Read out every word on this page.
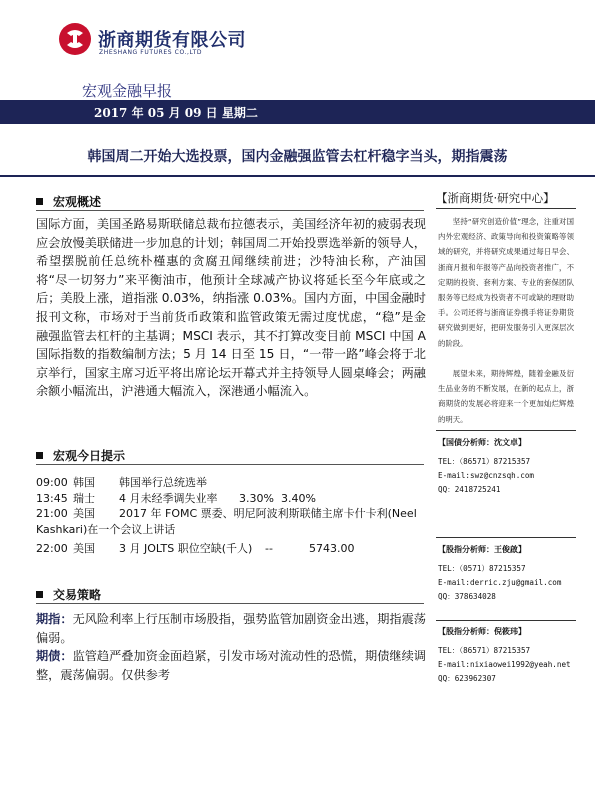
浙商期货有限公司
ZHESHANG FUTURES CO.,LTD
宏观金融早报
2017 年 05 月 09 日 星期二
韩国周二开始大选投票，国内金融强监管去杠杆稳字当头，期指震荡
宏观概述
国际方面，美国圣路易斯联储总裁布拉德表示，美国经济年初的疲弱表现应会放慢美联储进一步加息的计划；韩国周二开始投票选举新的领导人，希望摆脱前任总统朴槿惠的贪腐丑闻继续前进；沙特油长称，产油国将“尽一切努力”来平衡油市，他预计全球减产协议将延长至今年底或之后；美股上涨，道指涨 0.03%，纳指涨 0.03%。国内方面，中国金融时报刊文称，市场对于当前货币政策和监管政策无需过度忧虑，“稳”是金融强监管去杠杆的主基调；MSCI 表示，其不打算改变目前 MSCI 中国 A 国际指数的指数编制方法；5 月 14 日至 15 日，“一带一路”峰会将于北京举行，国家主席习近平将出席论坛开幕式并主持领导人圆桌峰会；两融余额小幅流出，沪港通大幅流入，深港通小幅流入。
宏观今日提示
09:00 韩国 韩国举行总统选举
13:45 瑞士 4 月未经季调失业率 3.30% 3.40%
21:00 美国 2017 年 FOMC 票委、明尼阿波利斯联储主席卡什卡利(Neel Kashkari)在一个会议上讲话
22:00 美国 3 月 JOLTS 职位空缺(千人) --	5743.00
交易策略
期指：无风险利率上行压制市场股指，强势监管加剧资金出逃，期指震荡偏弱。
期债：监管趋严叠加资金面趋紧，引发市场对流动性的恐慌，期债继续调整，震荡偏弱。仅供参考
【浙商期货·研究中心】
坚持“研究创造价值”理念，注重对国内外宏观经济、政策导向和投资策略等领域的研究，并将研究成果通过每日早会、浙商月报和年报等产品向投资者推广，不定期的投资、套利方案、专业的套保团队服务等已经成为投资者不可或缺的理财助手。公司还将与浙商证券携手将证券期货研究做到更好，把研发服务引入更深层次的阶段。
展望未来，期待辉煌，随着金融及衍生品业务的不断发展，在新的起点上，浙商期货的发展必将迎来一个更加灿烂辉煌的明天。
【国债分析师：沈文卓】
TEL：（86571）87215357
E-mail:swz@cnzsqh.com
QQ：2418725241
【股指分析师：王俊啟】
TEL：（0571）87215357
E-mail:derric.zju@gmail.com
QQ：378634028
【股指分析师：倪筱玮】
TEL：（86571）87215357
E-mail:nixiaowei1992@yeah.net
QQ：623962307
